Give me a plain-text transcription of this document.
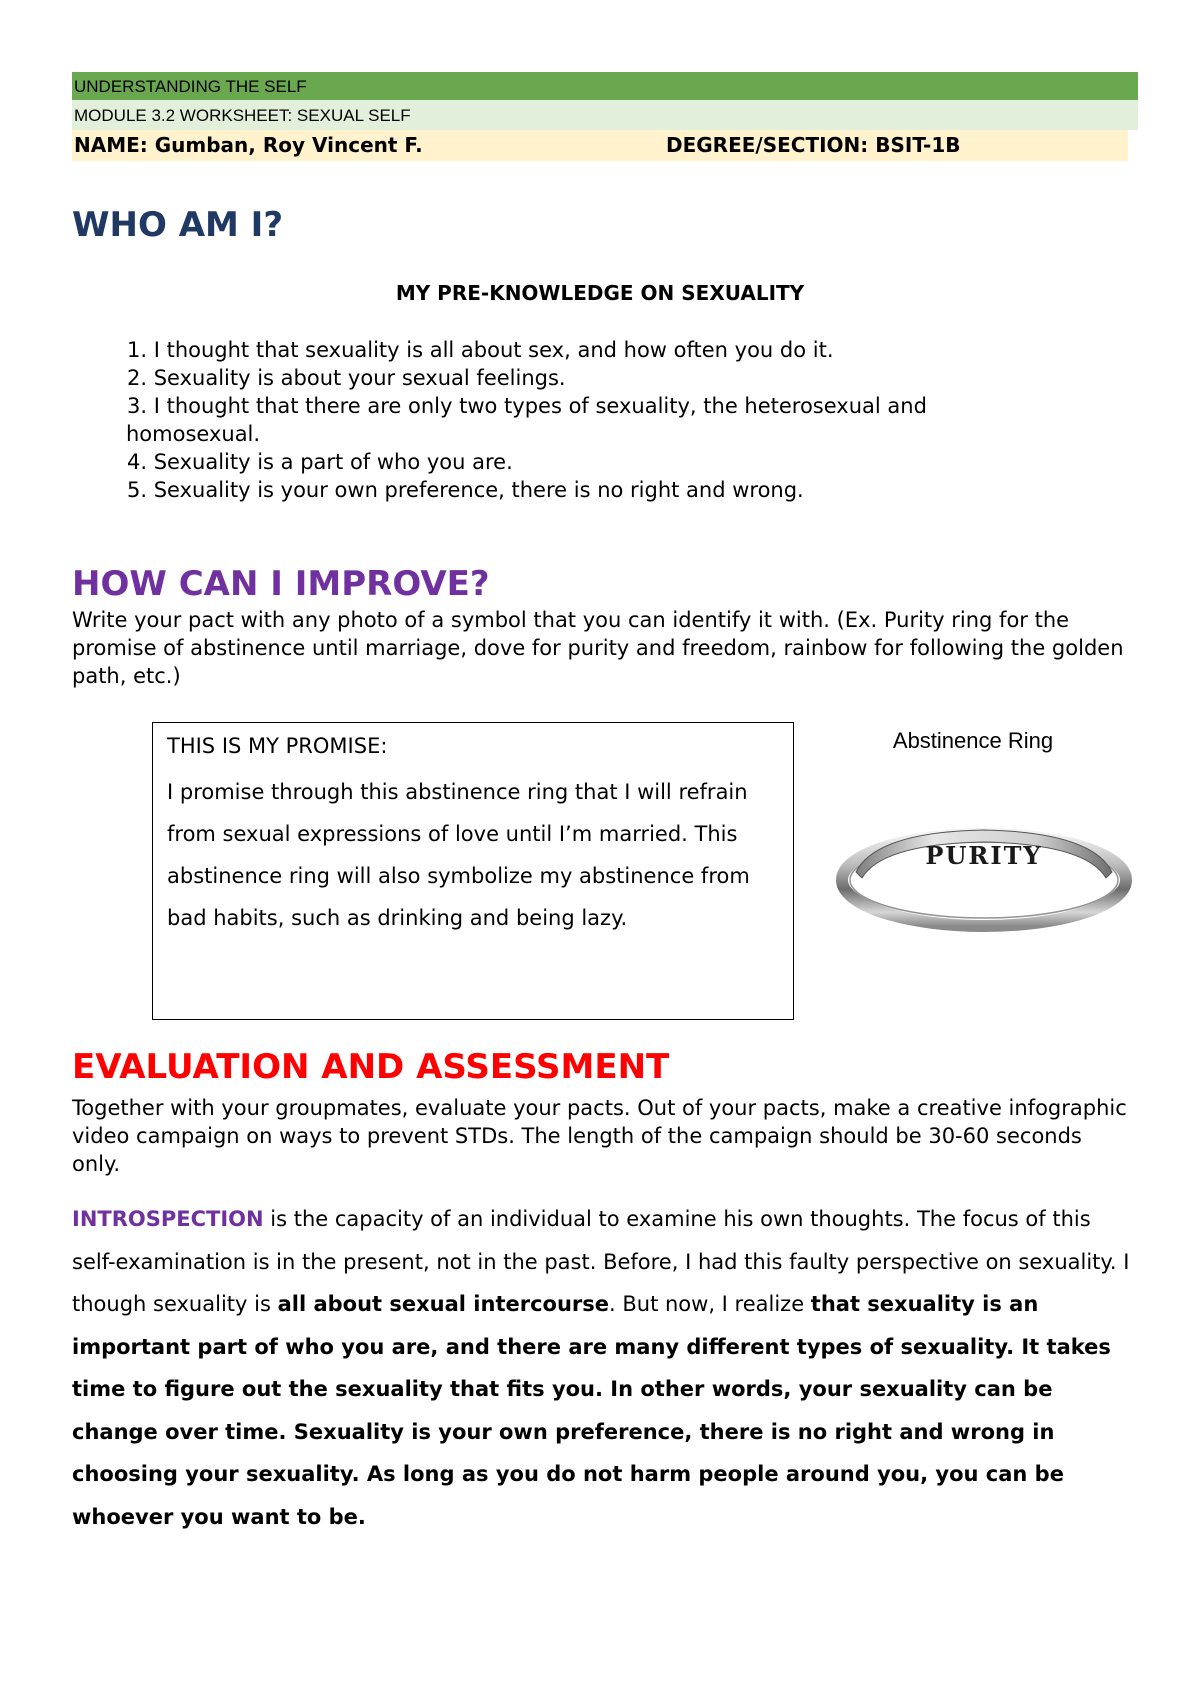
UNDERSTANDING THE SELF
MODULE 3.2 WORKSHEET: SEXUAL SELF
NAME: Gumban, Roy Vincent F.	DEGREE/SECTION: BSIT-1B
WHO AM I?
MY PRE-KNOWLEDGE ON SEXUALITY
1. I thought that sexuality is all about sex, and how often you do it.
2. Sexuality is about your sexual feelings.
3. I thought that there are only two types of sexuality, the heterosexual and
homosexual.
4. Sexuality is a part of who you are.
5. Sexuality is your own preference, there is no right and wrong.
HOW CAN I IMPROVE?
Write your pact with any photo of a symbol that you can identify it with. (Ex. Purity ring for the promise of abstinence until marriage, dove for purity and freedom, rainbow for following the golden path, etc.)

THIS IS MY PROMISE:

I promise through this abstinence ring that I will refrain from sexual expressions of love until I’m married. This abstinence ring will also symbolize my abstinence from bad habits, such as drinking and being lazy.

Abstinence Ring
PURITY
EVALUATION AND ASSESSMENT
Together with your groupmates, evaluate your pacts. Out of your pacts, make a creative infographic video campaign on ways to prevent STDs. The length of the campaign should be 30-60 seconds only.
INTROSPECTION is the capacity of an individual to examine his own thoughts. The focus of this self-examination is in the present, not in the past. Before, I had this faulty perspective on sexuality. I though sexuality is all about sexual intercourse. But now, I realize that sexuality is an important part of who you are, and there are many different types of sexuality. It takes time to figure out the sexuality that fits you. In other words, your sexuality can be change over time. Sexuality is your own preference, there is no right and wrong in choosing your sexuality. As long as you do not harm people around you, you can be whoever you want to be.
